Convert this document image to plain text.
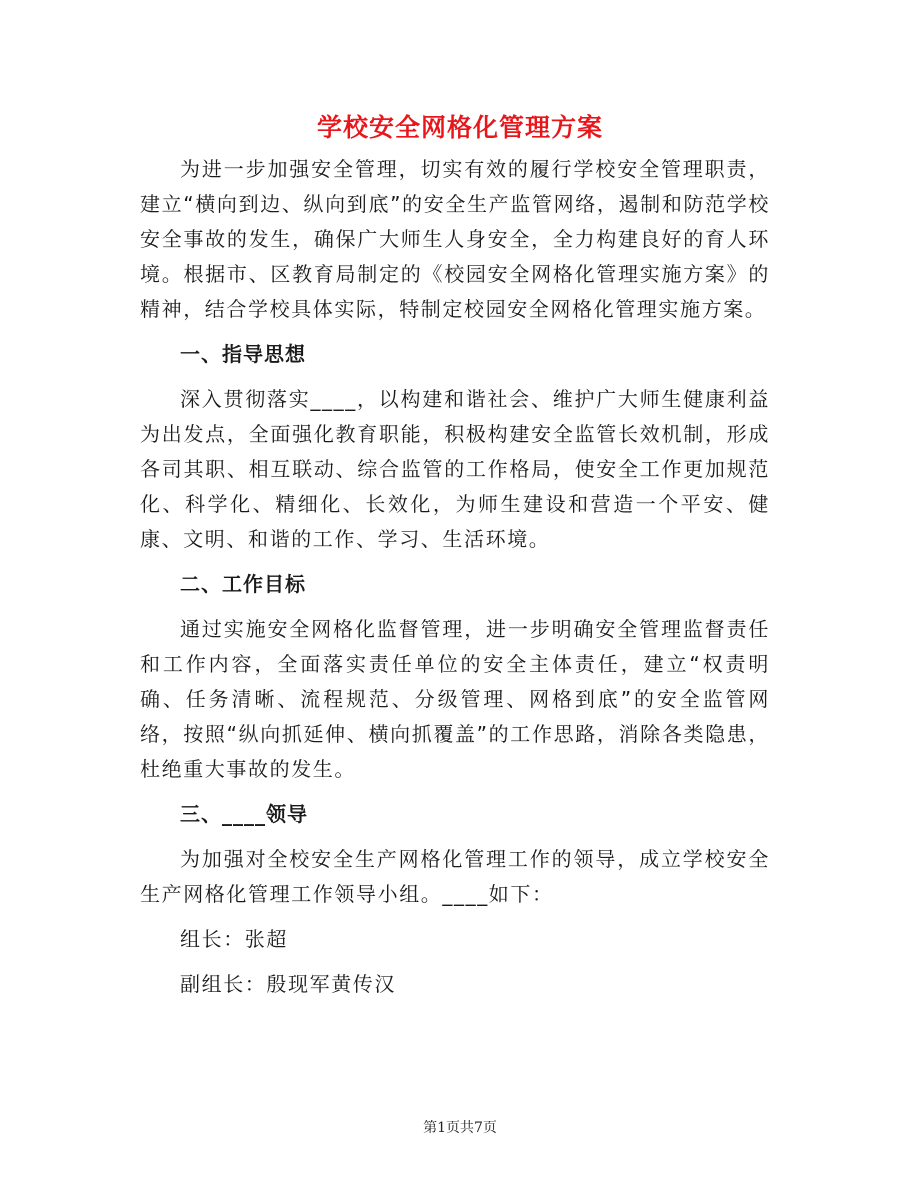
学校安全网格化管理方案

为进一步加强安全管理，切实有效的履行学校安全管理职责，建立“横向到边、纵向到底”的安全生产监管网络，遏制和防范学校安全事故的发生，确保广大师生人身安全，全力构建良好的育人环境。根据市、区教育局制定的《校园安全网格化管理实施方案》的精神，结合学校具体实际，特制定校园安全网格化管理实施方案。

一、指导思想

深入贯彻落实____，以构建和谐社会、维护广大师生健康利益为出发点，全面强化教育职能，积极构建安全监管长效机制，形成各司其职、相互联动、综合监管的工作格局，使安全工作更加规范化、科学化、精细化、长效化，为师生建设和营造一个平安、健康、文明、和谐的工作、学习、生活环境。

二、工作目标

通过实施安全网格化监督管理，进一步明确安全管理监督责任和工作内容，全面落实责任单位的安全主体责任，建立“权责明确、任务清晰、流程规范、分级管理、网格到底”的安全监管网络，按照“纵向抓延伸、横向抓覆盖”的工作思路，消除各类隐患，杜绝重大事故的发生。

三、____领导

为加强对全校安全生产网格化管理工作的领导，成立学校安全生产网格化管理工作领导小组。____如下：

组长：张超

副组长：殷现军黄传汉

第1页共7页
